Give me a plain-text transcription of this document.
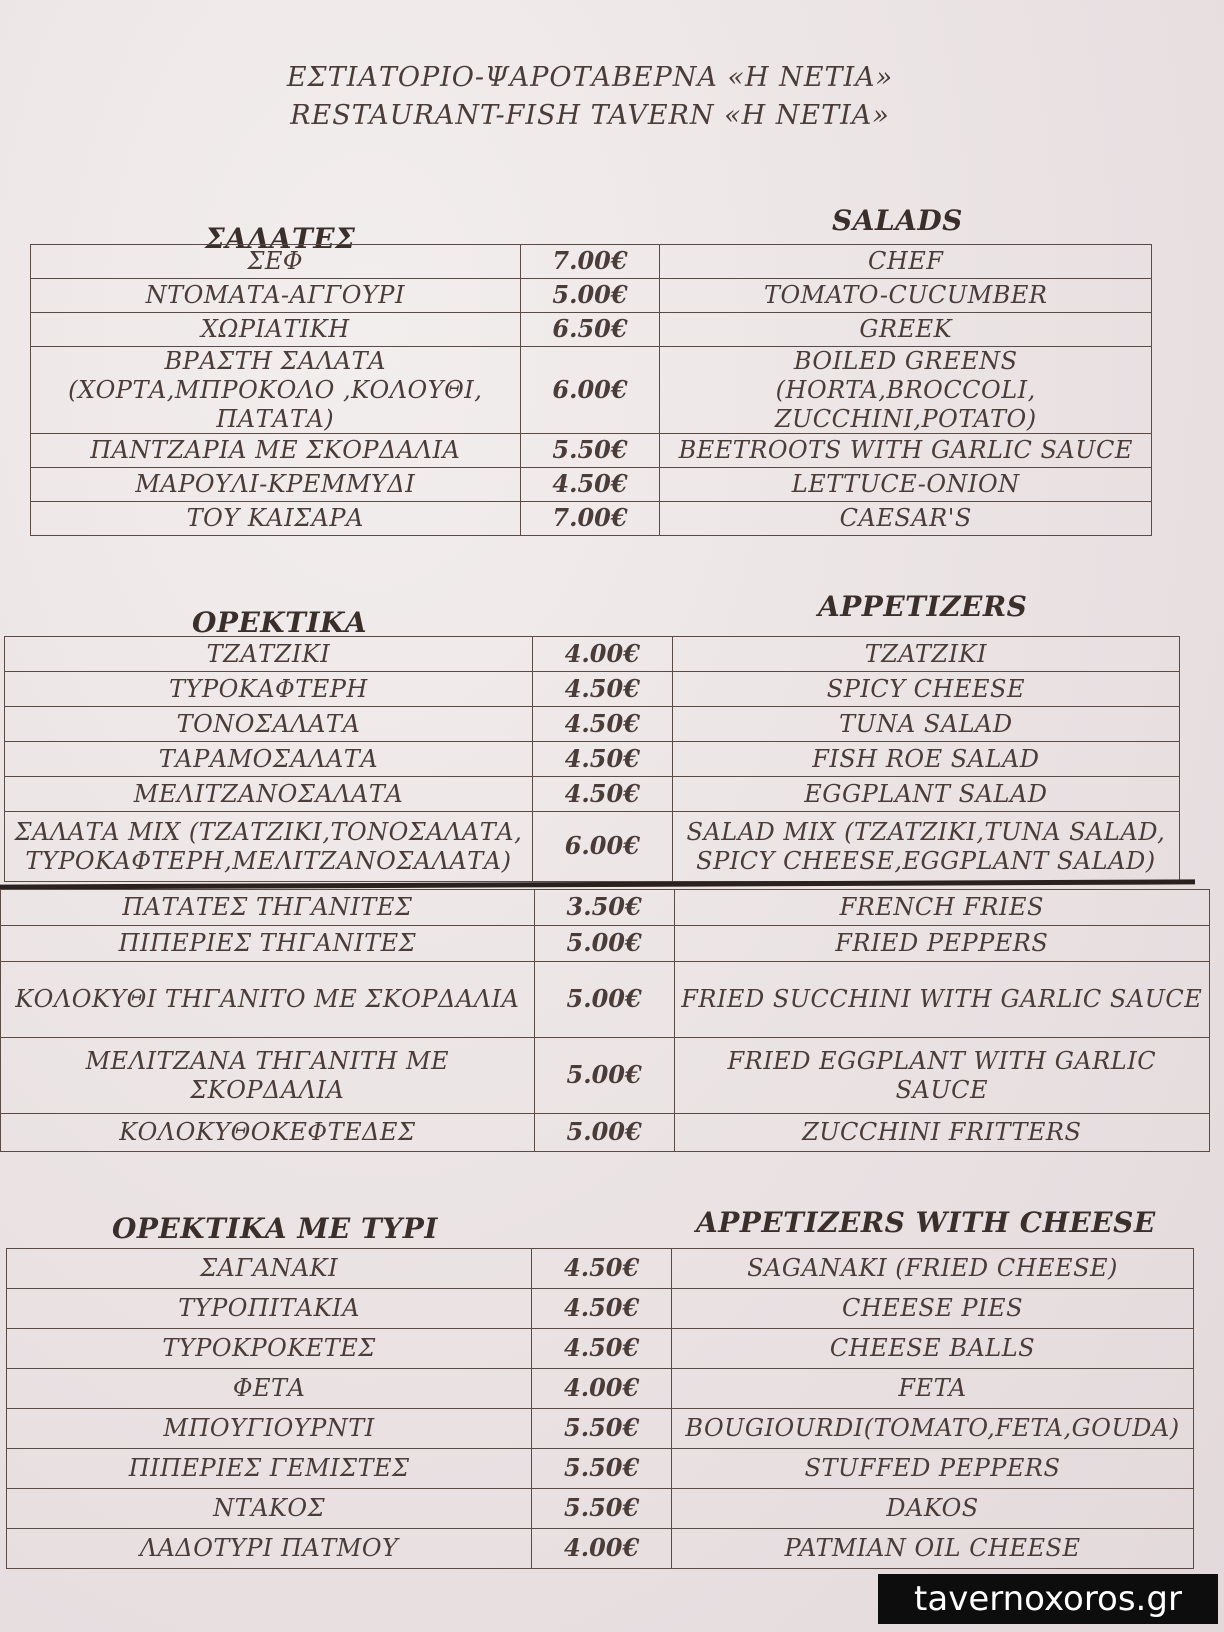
ΕΣΤΙΑΤΟΡΙΟ-ΨΑΡΟΤΑΒΕΡΝΑ «Η ΝΕΤΙΑ»
RESTAURANT-FISH TAVERN «Η ΝΕΤΙΑ»
ΣΑΛΑΤΕΣ
SALADS
ΣΕΦ	7.00€	CHEF
ΝΤΟΜΑΤΑ-ΑΓΓΟΥΡΙ	5.00€	TOMATO-CUCUMBER
ΧΩΡΙΑΤΙΚΗ	6.50€	GREEK
ΒΡΑΣΤΗ ΣΑΛΑΤΑ (ΧΟΡΤΑ,ΜΠΡΟΚΟΛΟ ,ΚΟΛΟΥΘΙ, ΠΑΤΑΤΑ)	6.00€	BOILED GREENS (HORTA,BROCCOLI, ZUCCHINI,POTATO)
ΠΑΝΤΖΑΡΙΑ ΜΕ ΣΚΟΡΔΑΛΙΑ	5.50€	BEETROOTS WITH GARLIC SAUCE
ΜΑΡΟΥΛΙ-ΚΡΕΜΜΥΔΙ	4.50€	LETTUCE-ONION
ΤΟΥ ΚΑΙΣΑΡΑ	7.00€	CAESAR'S
ΟΡΕΚΤΙΚΑ	APPETIZERS
ΤΖΑΤΖΙΚΙ	4.00€	TZATZIKI
ΤΥΡΟΚΑΦΤΕΡΗ	4.50€	SPICY CHEESE
ΤΟΝΟΣΑΛΑΤΑ	4.50€	TUNA SALAD
ΤΑΡΑΜΟΣΑΛΑΤΑ	4.50€	FISH ROE SALAD
ΜΕΛΙΤΖΑΝΟΣΑΛΑΤΑ	4.50€	EGGPLANT SALAD
ΣΑΛΑΤΑ MIX (ΤΖΑΤΖΙΚΙ,ΤΟΝΟΣΑΛΑΤΑ, ΤΥΡΟΚΑΦΤΕΡΗ,ΜΕΛΙΤΖΑΝΟΣΑΛΑΤΑ)	6.00€	SALAD MIX (TZATZIKI,TUNA SALAD, SPICY CHEESE,EGGPLANT SALAD)
ΠΑΤΑΤΕΣ ΤΗΓΑΝΙΤΕΣ	3.50€	FRENCH FRIES
ΠΙΠΕΡΙΕΣ ΤΗΓΑΝΙΤΕΣ	5.00€	FRIED PEPPERS
ΚΟΛΟΚΥΘΙ ΤΗΓΑΝΙΤΟ ΜΕ ΣΚΟΡΔΑΛΙΑ	5.00€	FRIED SUCCHINI WITH GARLIC SAUCE
ΜΕΛΙΤΖΑΝΑ ΤΗΓΑΝΙΤΗ ΜΕ ΣΚΟΡΔΑΛΙΑ	5.00€	FRIED EGGPLANT WITH GARLIC SAUCE
ΚΟΛΟΚΥΘΟΚΕΦΤΕΔΕΣ	5.00€	ZUCCHINI FRITTERS
ΟΡΕΚΤΙΚΑ ΜΕ ΤΥΡΙ	APPETIZERS WITH CHEESE
ΣΑΓΑΝΑΚΙ	4.50€	SAGANAKI (FRIED CHEESE)
ΤΥΡΟΠΙΤΑΚΙΑ	4.50€	CHEESE PIES
ΤΥΡΟΚΡΟΚΕΤΕΣ	4.50€	CHEESE BALLS
ΦΕΤΑ	4.00€	FETA
ΜΠΟΥΓΙΟΥΡΝΤΙ	5.50€	BOUGIOURDI(TOMATO,FETA,GOUDA)
ΠΙΠΕΡΙΕΣ ΓΕΜΙΣΤΕΣ	5.50€	STUFFED PEPPERS
ΝΤΑΚΟΣ	5.50€	DAKOS
ΛΑΔΟΤΥΡΙ ΠΑΤΜΟΥ	4.00€	PATMIAN OIL CHEESE
tavernoxoros.gr
